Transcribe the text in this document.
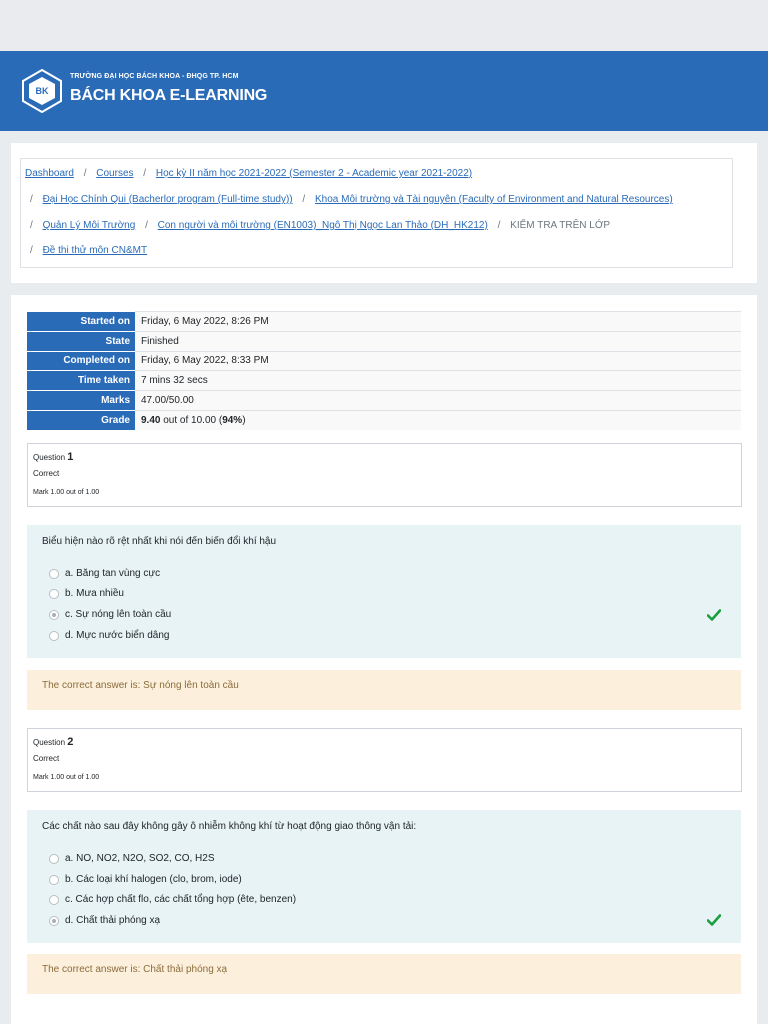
BK
TRƯỜNG ĐẠI HỌC BÁCH KHOA - ĐHQG TP. HCM
BÁCH KHOA E-LEARNING
Dashboard / Courses / Học kỳ II năm học 2021-2022 (Semester 2 - Academic year 2021-2022)
/ Đại Học Chính Qui (Bacherlor program (Full-time study)) / Khoa Môi trường và Tài nguyên (Faculty of Environment and Natural Resources)
/ Quản Lý Môi Trường / Con người và môi trường (EN1003)_Ngô Thị Ngọc Lan Thảo (DH_HK212) / KIỂM TRA TRÊN LỚP
/ Đề thi thử môn CN&MT
Started on	Friday, 6 May 2022, 8:26 PM
State	Finished
Completed on	Friday, 6 May 2022, 8:33 PM
Time taken	7 mins 32 secs
Marks	47.00/50.00
Grade	9.40 out of 10.00 (94%)
Question 1
Correct
Mark 1.00 out of 1.00
Biểu hiện nào rõ rệt nhất khi nói đến biến đổi khí hậu
a. Băng tan vùng cực
b. Mưa nhiều
c. Sự nóng lên toàn cầu
d. Mực nước biển dâng
The correct answer is: Sự nóng lên toàn cầu
Question 2
Correct
Mark 1.00 out of 1.00
Các chất nào sau đây không gây ô nhiễm không khí từ hoạt động giao thông vận tải:
a. NO, NO2, N2O, SO2, CO, H2S
b. Các loại khí halogen (clo, brom, iode)
c. Các hợp chất flo, các chất tổng hợp (ête, benzen)
d. Chất thải phóng xạ
The correct answer is: Chất thải phóng xạ
